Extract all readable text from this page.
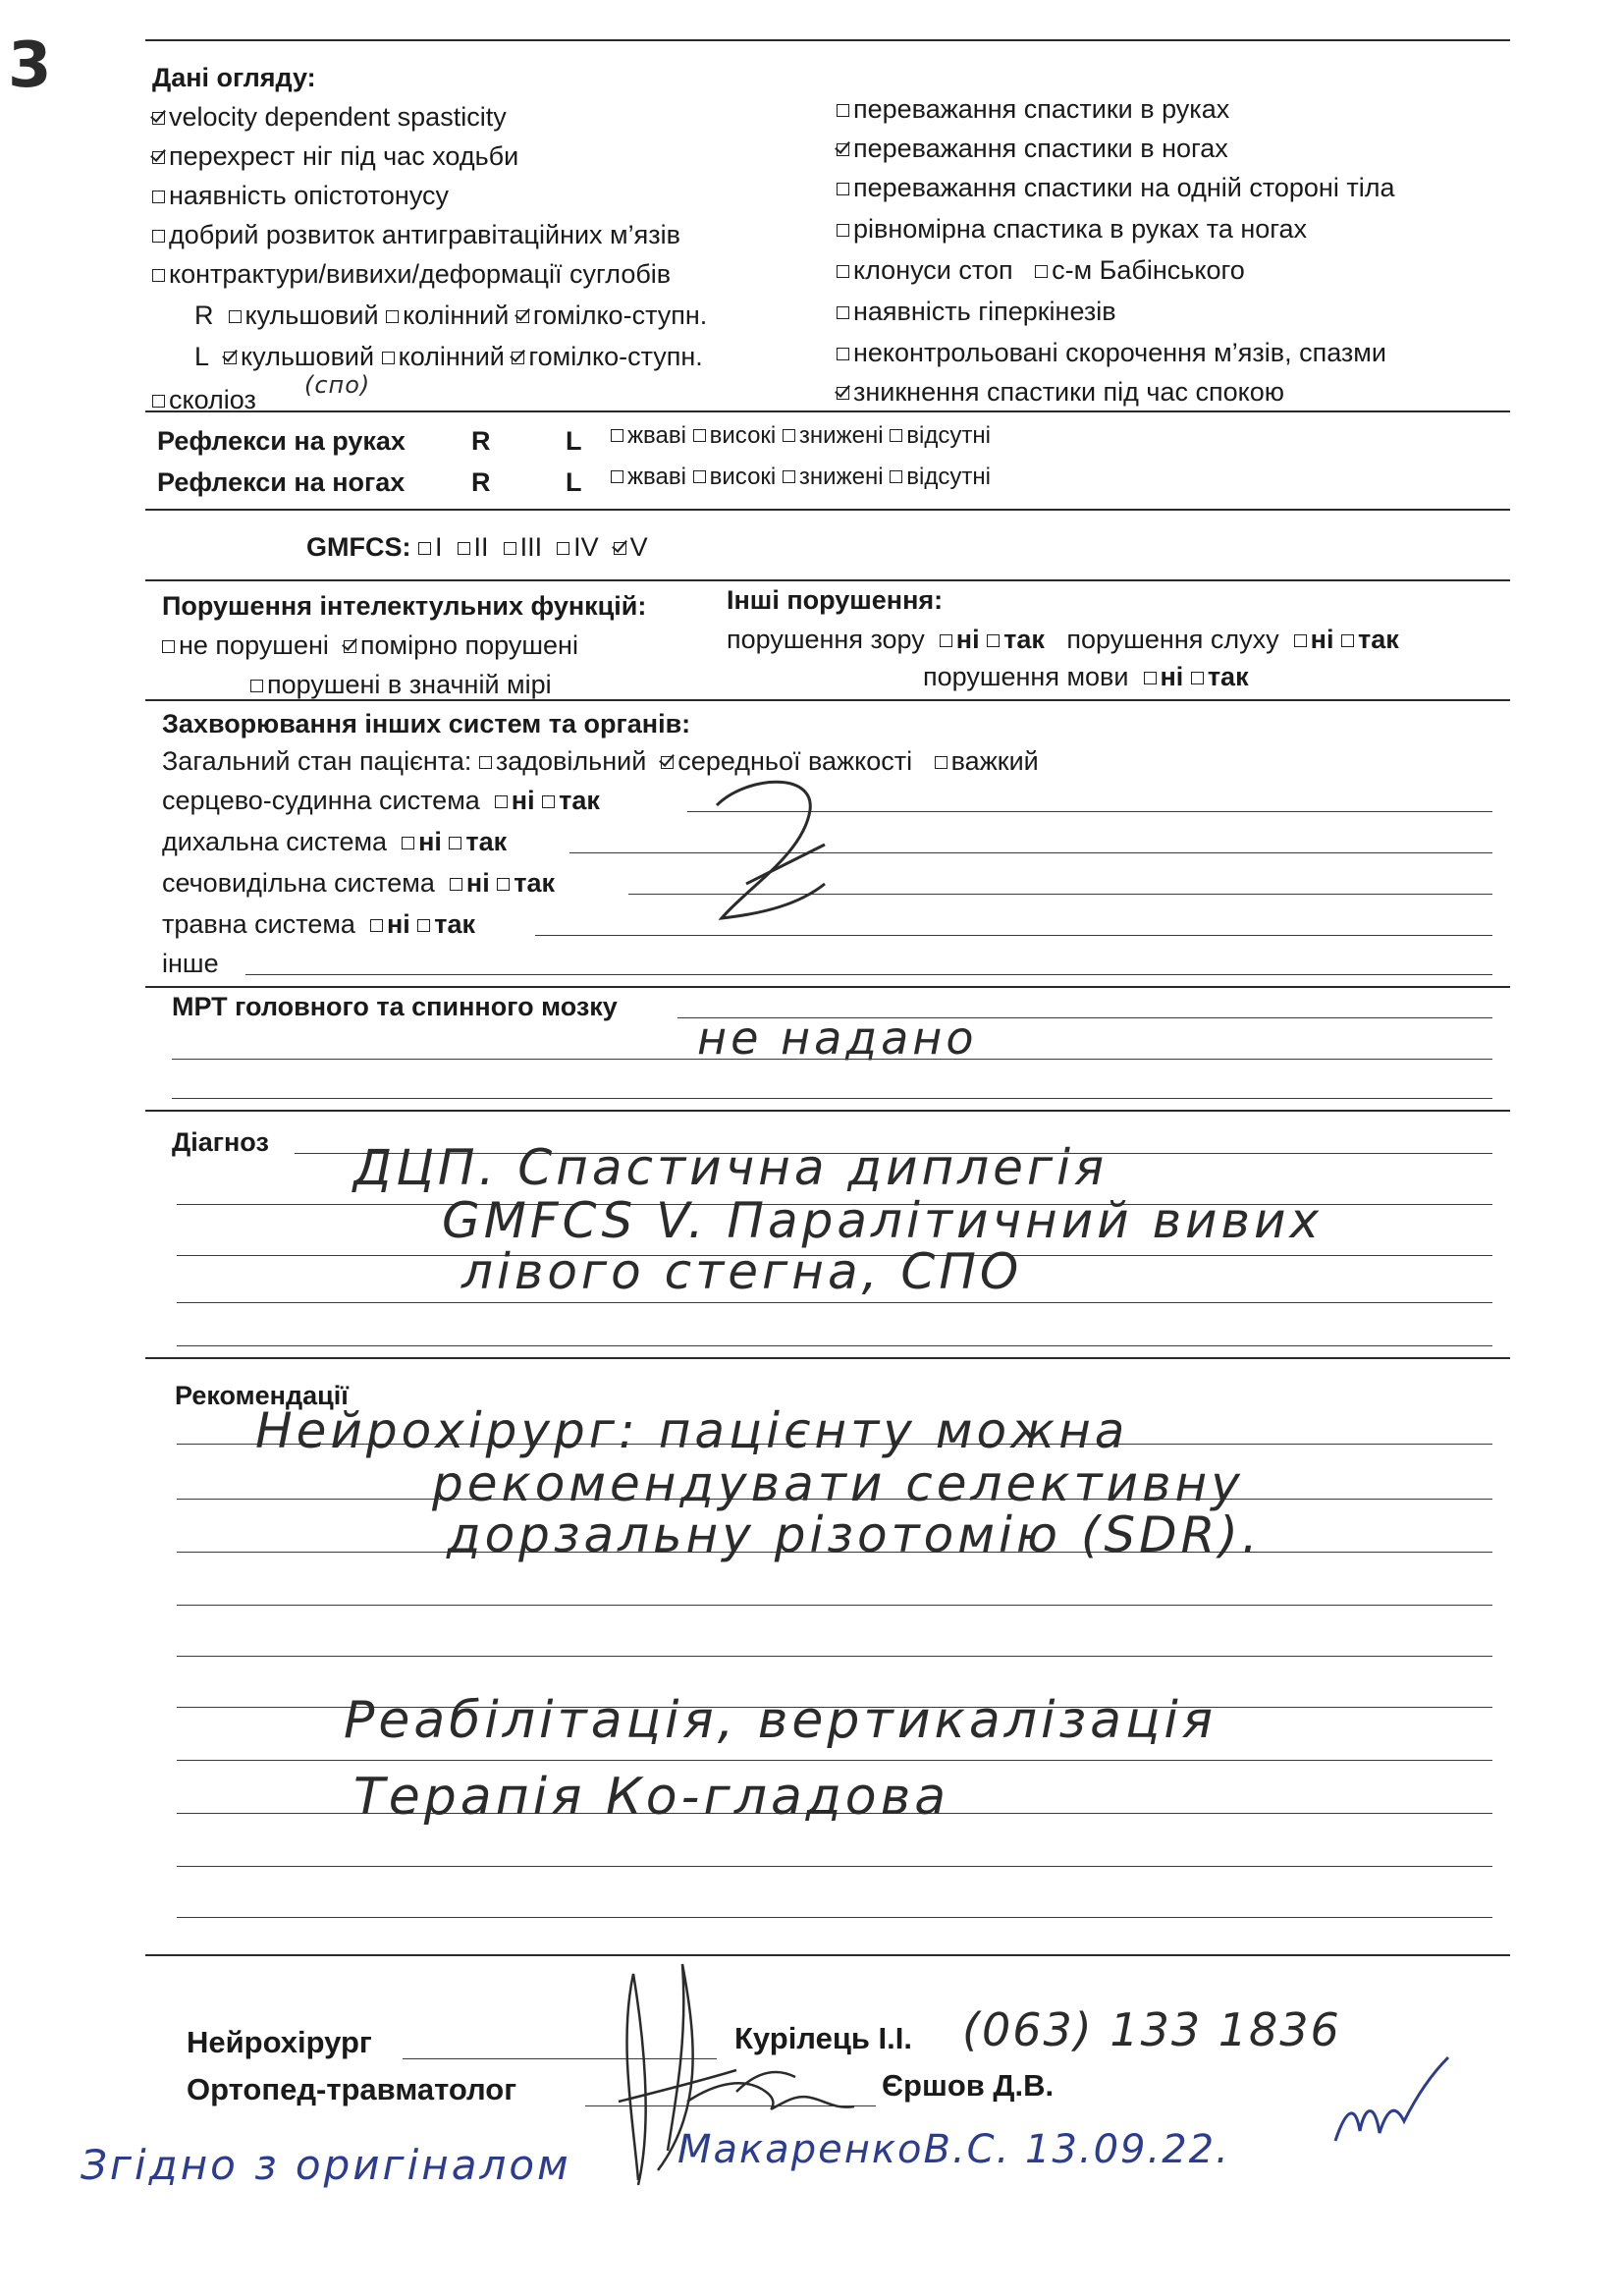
3	Дані огляду:
velocity dependent spasticity
перехрест ніг під час ходьби
наявність опістотонусу
добрий розвиток антигравітаційних м’язів
контрактури/вивихи/деформації суглобів
R кульшовий колінний гомілко-ступн.
L кульшовий колінний гомілко-ступн.
(спо)
сколіоз
переважання спастики в руках
переважання спастики в ногах
переважання спастики на одній стороні тіла
рівномірна спастика в руках та ногах
клонуси стоп с-м Бабінського
наявність гіперкінезів
неконтрольовані скорочення м’язів, спазми
зникнення спастики під час спокою
Рефлекси на руках R	L	жваві високі знижені відсутні
Рефлекси на ногах	R	L	жваві високі знижені відсутні
GMFCS: I II III IV V
Порушення інтелектульних функцій:
не порушені помірно порушені
порушені в значній мірі
Інші порушення:
порушення зору ні так порушення слуху ні так
порушення мови ні так
Захворювання інших систем та органів:
Загальний стан пацієнта: задовільний середньої важкості важкий
серцево-судинна система ні так
дихальна система ні так
сечовидільна система ні так
травна система ні так
інше
МРТ головного та спинного мозку
не надано
Діагноз ДЦП. Спастична диплегія
GMFCS V. Паралітичний вивих
лівого стегна, СПО
Рекомендації
Нейрохірург: пацієнту можна
рекомендувати селективну
дорзальну різотомію (SDR).
Реабілітація, вертикалізація
Терапія Ко-гладова
Нейрохірург	Курілець І.І. (063) 133 1836
Ортопед-травматолог	Єршов Д.В.
Згідно з оригіналом	МакаренкоВ.С. 13.09.22.
